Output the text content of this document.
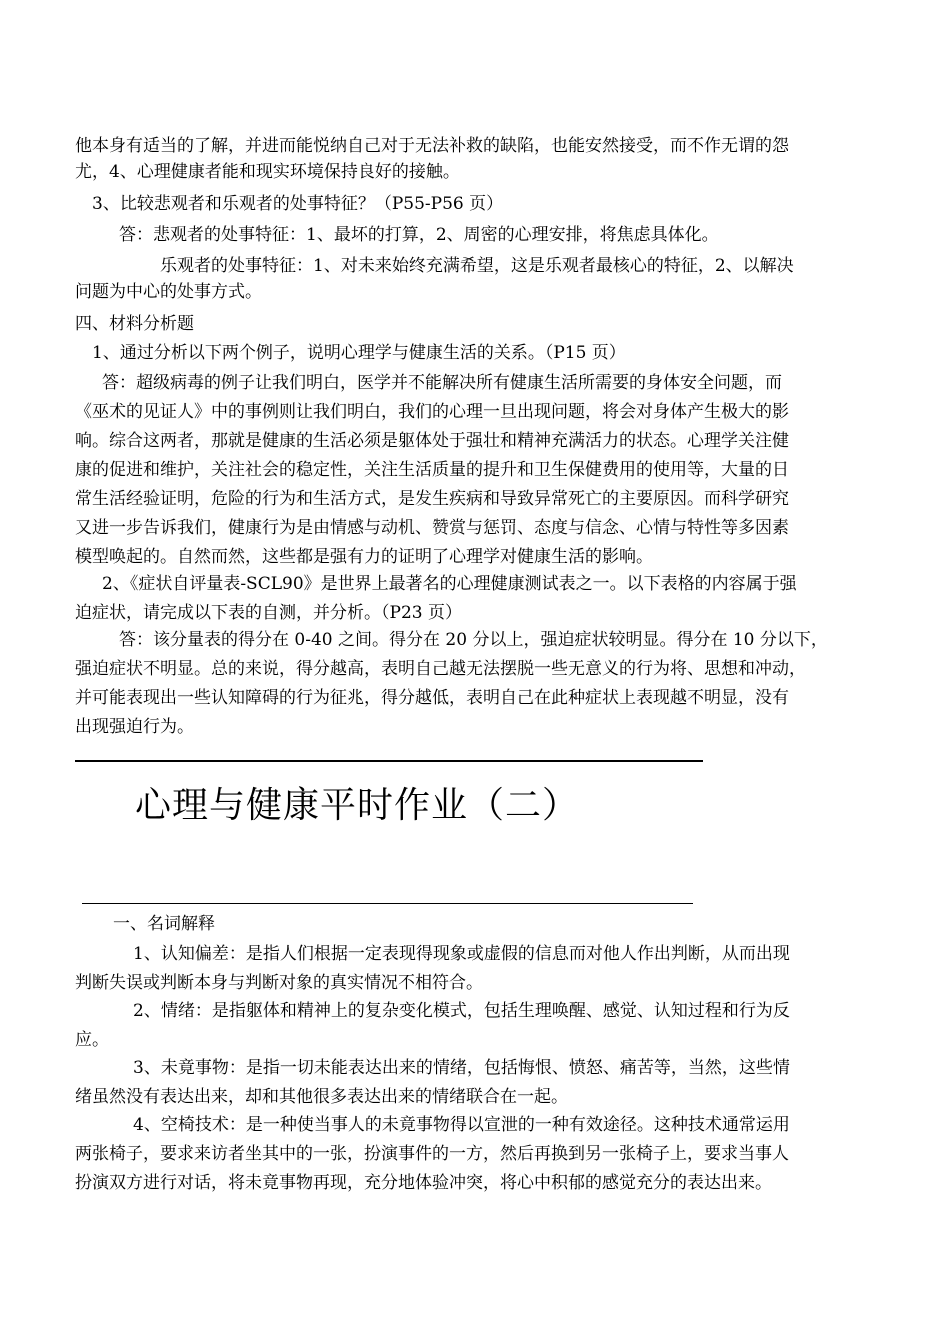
他本身有适当的了解，并进而能悦纳自己对于无法补救的缺陷，也能安然接受，而不作无谓的怨
尤，4、心理健康者能和现实环境保持良好的接触。
3、比较悲观者和乐观者的处事特征？（P55-P56 页）
答：悲观者的处事特征：1、最坏的打算，2、周密的心理安排，将焦虑具体化。
乐观者的处事特征：1、对未来始终充满希望，这是乐观者最核心的特征，2、以解决
问题为中心的处事方式。
四、材料分析题
1、通过分析以下两个例子，说明心理学与健康生活的关系。（P15 页）
答：超级病毒的例子让我们明白，医学并不能解决所有健康生活所需要的身体安全问题，而
《巫术的见证人》中的事例则让我们明白，我们的心理一旦出现问题，将会对身体产生极大的影
响。综合这两者，那就是健康的生活必须是躯体处于强壮和精神充满活力的状态。心理学关注健
康的促进和维护，关注社会的稳定性，关注生活质量的提升和卫生保健费用的使用等，大量的日
常生活经验证明，危险的行为和生活方式，是发生疾病和导致异常死亡的主要原因。而科学研究
又进一步告诉我们，健康行为是由情感与动机、赞赏与惩罚、态度与信念、心情与特性等多因素
模型唤起的。自然而然，这些都是强有力的证明了心理学对健康生活的影响。
2、《症状自评量表-SCL90》是世界上最著名的心理健康测试表之一。以下表格的内容属于强
迫症状，请完成以下表的自测，并分析。（P23 页）
答：该分量表的得分在 0-40 之间。得分在 20 分以上，强迫症状较明显。得分在 10 分以下，
强迫症状不明显。总的来说，得分越高，表明自己越无法摆脱一些无意义的行为将、思想和冲动，
并可能表现出一些认知障碍的行为征兆，得分越低，表明自己在此种症状上表现越不明显，没有
出现强迫行为。
心理与健康平时作业（二）
一、名词解释
1、认知偏差：是指人们根据一定表现得现象或虚假的信息而对他人作出判断，从而出现
判断失误或判断本身与判断对象的真实情况不相符合。
2、情绪：是指躯体和精神上的复杂变化模式，包括生理唤醒、感觉、认知过程和行为反
应。
3、未竟事物：是指一切未能表达出来的情绪，包括悔恨、愤怒、痛苦等，当然，这些情
绪虽然没有表达出来，却和其他很多表达出来的情绪联合在一起。
4、空椅技术：是一种使当事人的未竟事物得以宣泄的一种有效途径。这种技术通常运用
两张椅子，要求来访者坐其中的一张，扮演事件的一方，然后再换到另一张椅子上，要求当事人
扮演双方进行对话，将未竟事物再现，充分地体验冲突，将心中积郁的感觉充分的表达出来。
